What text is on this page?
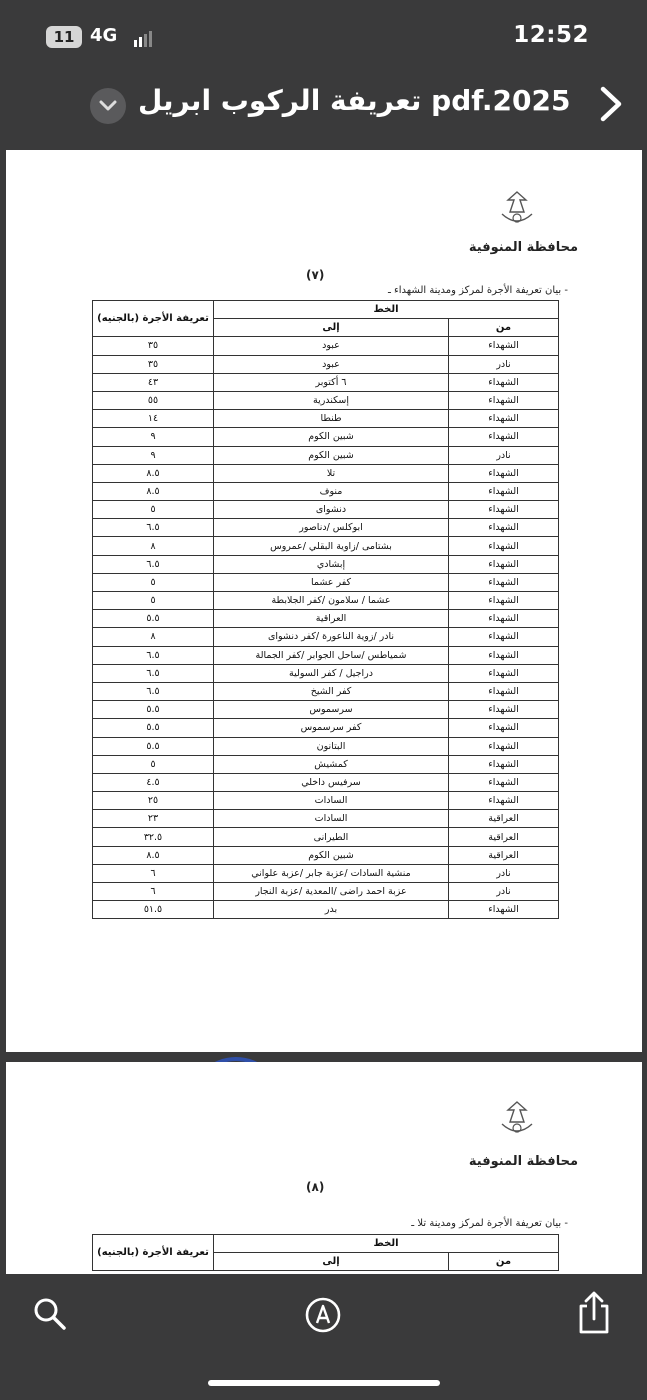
11 4G	12:52
تعريفة الركوب ابريل pdf.2025
محافظة المنوفية
(٧)
- بيان تعريفة الأجرة لمركز ومدينة الشهداء ـ
تعريفة الأجرة (بالجنيه)	الخط	
	إلى	من
٣٥	عبود	الشهداء
٣٥	عبود	نادر
٤٣	٦ أكتوبر	الشهداء
٥٥	إسكندرية	الشهداء
١٤	طنطا	الشهداء
٩	شبين الكوم	الشهداء
٩	شبين الكوم	نادر
٨.٥	تلا	الشهداء
٨.٥	منوف	الشهداء
٥	دنشواى	الشهداء
٦.٥	ابوكلس /دناصور	الشهداء
٨	بشتامى /زاوية البقلي /عمروس	الشهداء
٦.٥	إبشادي	الشهداء
٥	كفر عشما	الشهداء
٥	عشما / سلامون /كفر الجلابطة	الشهداء
٥.٥	العراقية	الشهداء
٨	نادر /زوية الناعورة /كفر دنشواى	الشهداء
٦.٥	شمياطس /ساحل الجوابر /كفر الجمالة	الشهداء
٦.٥	دراجيل / كفر السولية	الشهداء
٦.٥	كفر الشيخ	الشهداء
٥.٥	سرسموس	الشهداء
٥.٥	كفر سرسموس	الشهداء
٥.٥	البتانون	الشهداء
٥	كمشيش	الشهداء
٤.٥	سرفيس داخلي	الشهداء
٢٥	السادات	الشهداء
٢٣	السادات	العراقية
٣٢.٥	الطيرانى	العراقية
٨.٥	شبين الكوم	العراقية
٦	منشية السادات /عزبة جابر /عزبة علواني	نادر
٦	عزبة احمد راضى /المعدية /عزبة النجار	نادر
٥١.٥	بدر	الشهداء
محافظة المنوفية
(٨)
- بيان تعريفة الأجرة لمركز ومدينة تلا ـ
تعريفة الأجرة (بالجنيه)	الخط	
	إلى	من
